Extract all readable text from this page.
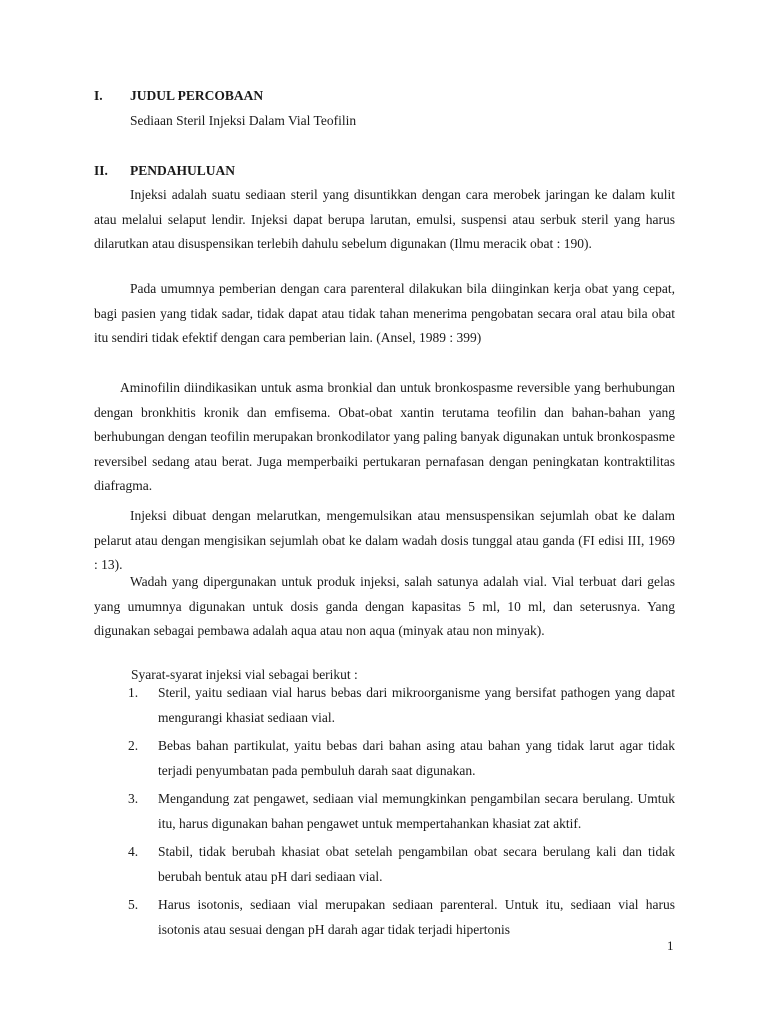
I. JUDUL PERCOBAAN
Sediaan Steril Injeksi Dalam Vial Teofilin
II. PENDAHULUAN

Injeksi adalah suatu sediaan steril yang disuntikkan dengan cara merobek jaringan ke dalam kulit atau melalui selaput lendir. Injeksi dapat berupa larutan, emulsi, suspensi atau serbuk steril yang harus dilarutkan atau disuspensikan terlebih dahulu sebelum digunakan (Ilmu meracik obat : 190).

Pada umumnya pemberian dengan cara parenteral dilakukan bila diinginkan kerja obat yang cepat, bagi pasien yang tidak sadar, tidak dapat atau tidak tahan menerima pengobatan secara oral atau bila obat itu sendiri tidak efektif dengan cara pemberian lain. (Ansel, 1989 : 399)

Aminofilin diindikasikan untuk asma bronkial dan untuk bronkospasme reversible yang berhubungan dengan bronkhitis kronik dan emfisema. Obat-obat xantin terutama teofilin dan bahan-bahan yang berhubungan dengan teofilin merupakan bronkodilator yang paling banyak digunakan untuk bronkospasme reversibel sedang atau berat. Juga memperbaiki pertukaran pernafasan dengan peningkatan kontraktilitas diafragma.

Injeksi dibuat dengan melarutkan, mengemulsikan atau mensuspensikan sejumlah obat ke dalam pelarut atau dengan mengisikan sejumlah obat ke dalam wadah dosis tunggal atau ganda (FI edisi III, 1969 : 13).

Wadah yang dipergunakan untuk produk injeksi, salah satunya adalah vial. Vial terbuat dari gelas yang umumnya digunakan untuk dosis ganda dengan kapasitas 5 ml, 10 ml, dan seterusnya. Yang digunakan sebagai pembawa adalah aqua atau non aqua (minyak atau non minyak).

Syarat-syarat injeksi vial sebagai berikut :
1. Steril, yaitu sediaan vial harus bebas dari mikroorganisme yang bersifat pathogen yang dapat mengurangi khasiat sediaan vial.
2. Bebas bahan partikulat, yaitu bebas dari bahan asing atau bahan yang tidak larut agar tidak terjadi penyumbatan pada pembuluh darah saat digunakan.
3. Mengandung zat pengawet, sediaan vial memungkinkan pengambilan secara berulang. Umtuk itu, harus digunakan bahan pengawet untuk mempertahankan khasiat zat aktif.
4. Stabil, tidak berubah khasiat obat setelah pengambilan obat secara berulang kali dan tidak berubah bentuk atau pH dari sediaan vial.
5. Harus isotonis, sediaan vial merupakan sediaan parenteral. Untuk itu, sediaan vial harus isotonis atau sesuai dengan pH darah agar tidak terjadi hipertonis
1
